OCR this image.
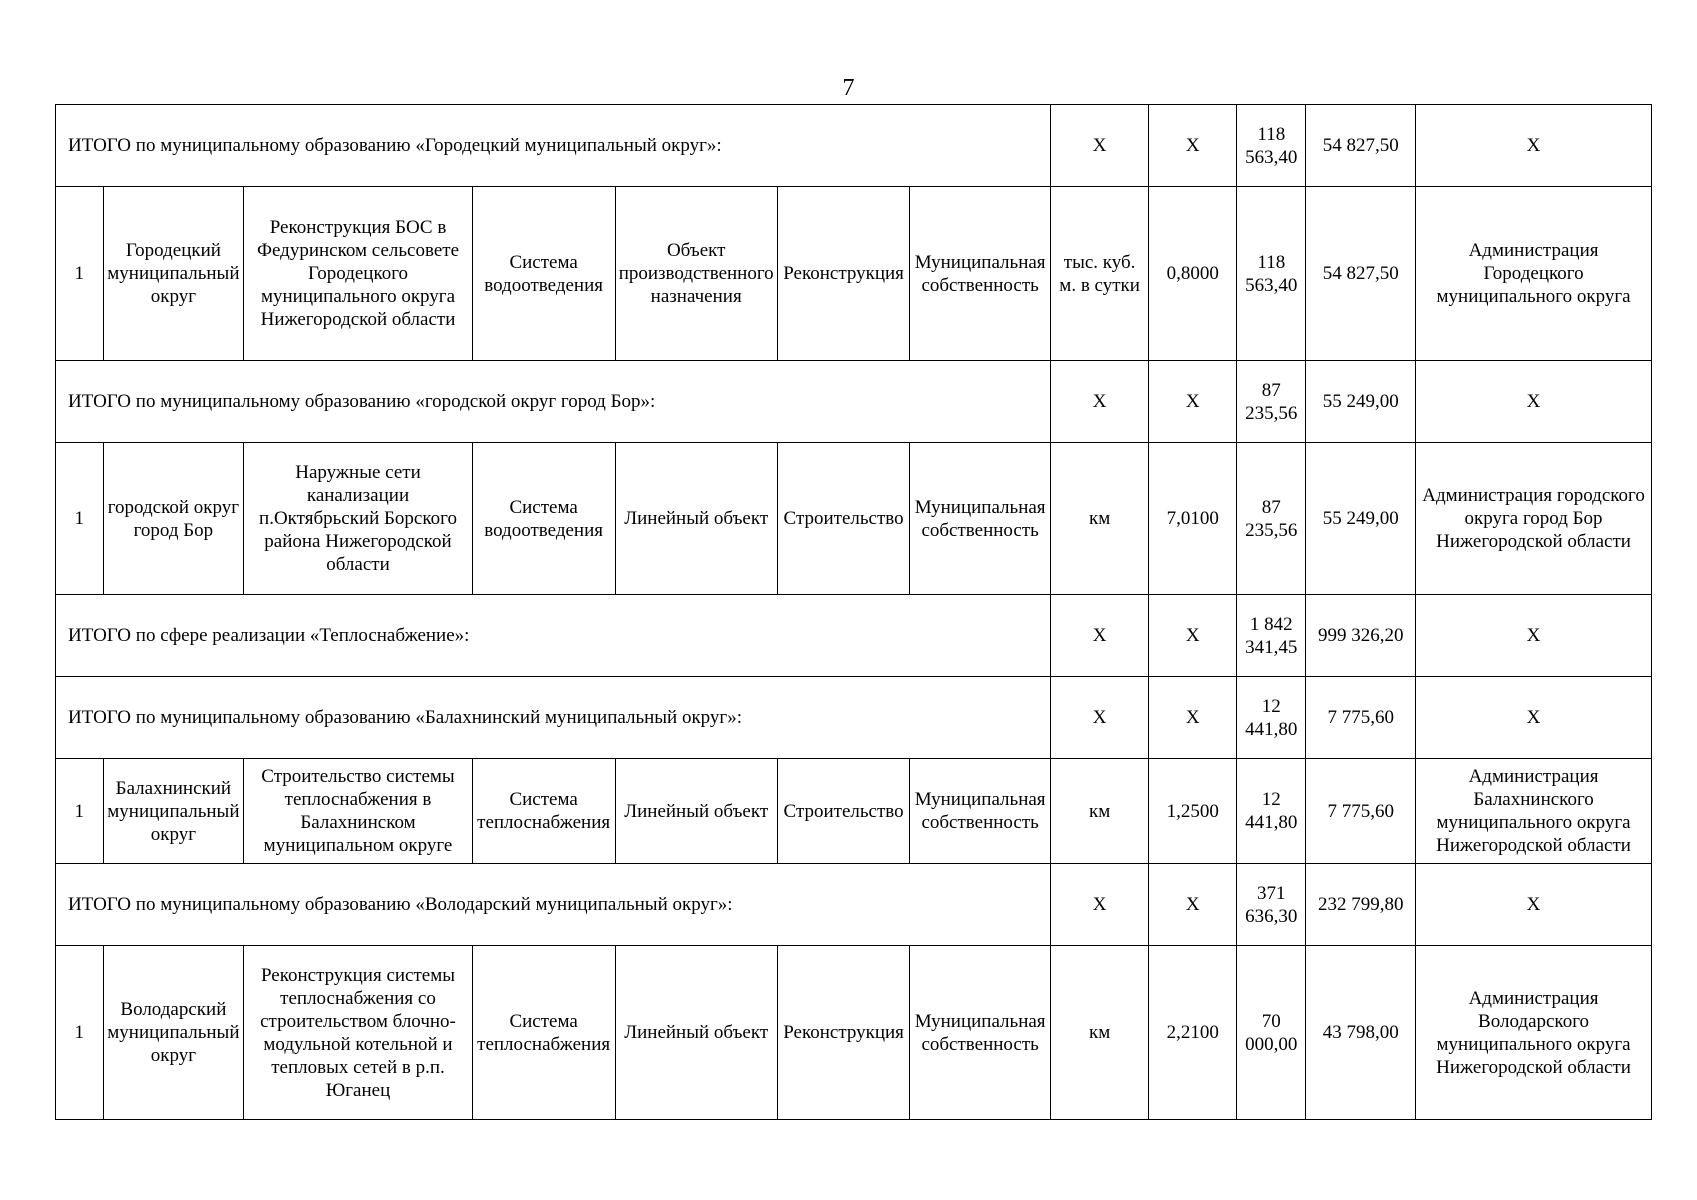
7
ИТОГО по муниципальному образованию «Городецкий муниципальный округ»:							Х	Х	118 563,40	54 827,50	Х
1	Городецкий муниципальный округ	Реконструкция БОС в Федуринском сельсовете Городецкого муниципального округа Нижегородской области	Система водоотведения	Объект производственного назначения	Реконструкция	Муниципальная собственность	тыс. куб. м. в сутки	0,8000	118 563,40	54 827,50	Администрация Городецкого муниципального округа
ИТОГО по муниципальному образованию «городской округ город Бор»:							Х	Х	87 235,56	55 249,00	Х
1	городской округ город Бор	Наружные сети канализации п.Октябрьский Борского района Нижегородской области	Система водоотведения	Линейный объект	Строительство	Муниципальная собственность	км	7,0100	87 235,56	55 249,00	Администрация городского округа город Бор Нижегородской области
ИТОГО по сфере реализации «Теплоснабжение»:							Х	Х	1 842 341,45	999 326,20	Х
ИТОГО по муниципальному образованию «Балахнинский муниципальный округ»:							Х	Х	12 441,80	7 775,60	Х
1	Балахнинский муниципальный округ	Строительство системы теплоснабжения в Балахнинском муниципальном округе	Система теплоснабжения	Линейный объект	Строительство	Муниципальная собственность	км	1,2500	12 441,80	7 775,60	Администрация Балахнинского муниципального округа Нижегородской области
ИТОГО по муниципальному образованию «Володарский муниципальный округ»:							Х	Х	371 636,30	232 799,80	Х
1	Володарский муниципальный округ	Реконструкция системы теплоснабжения со строительством блочно-модульной котельной и тепловых сетей в р.п. Юганец	Система теплоснабжения	Линейный объект	Реконструкция	Муниципальная собственность	км	2,2100	70 000,00	43 798,00	Администрация Володарского муниципального округа Нижегородской области
